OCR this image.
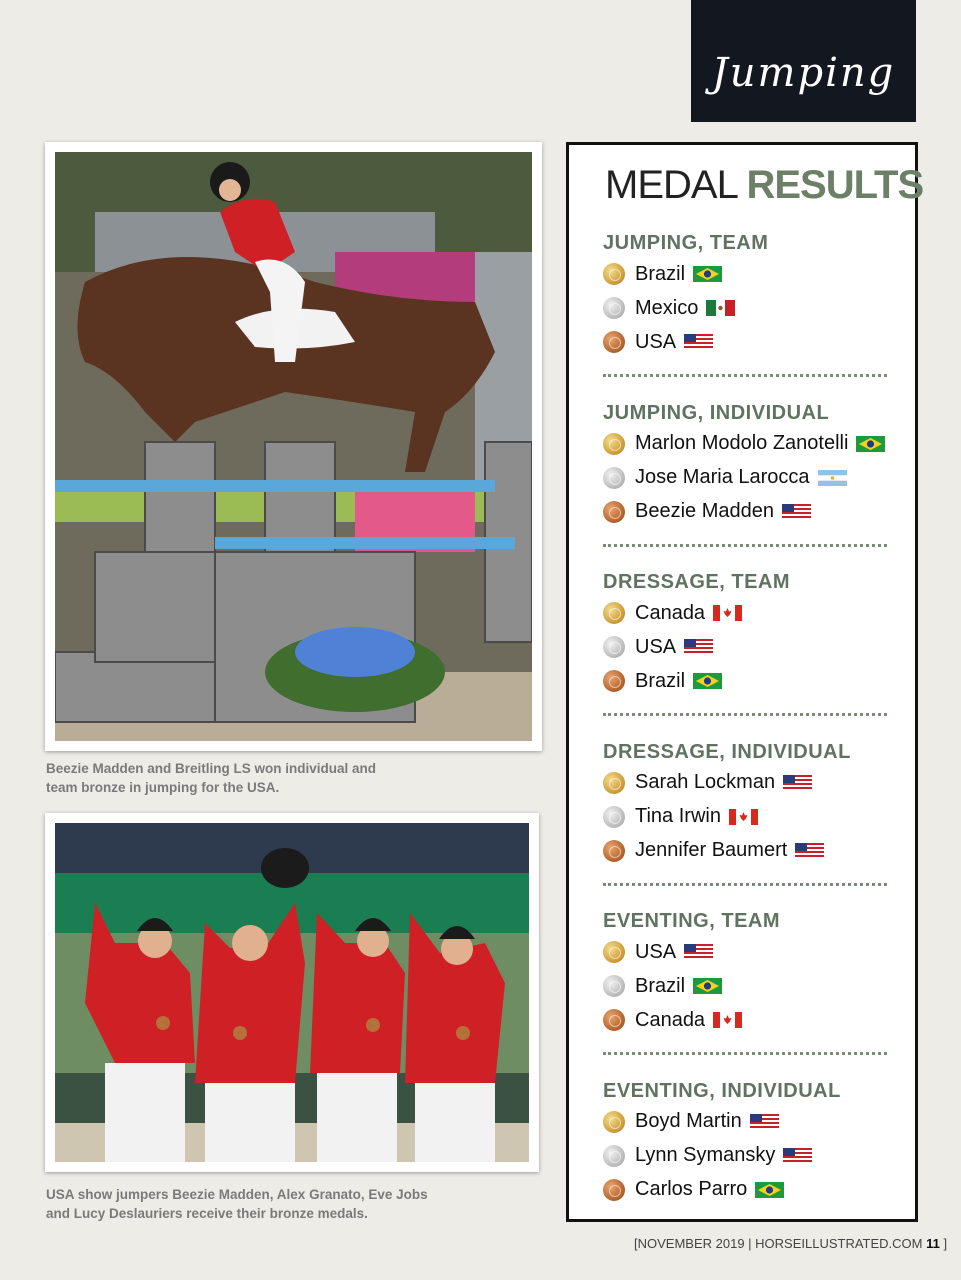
Jumping
Beezie Madden and Breitling LS won individual and team bronze in jumping for the USA.
USA show jumpers Beezie Madden, Alex Granato, Eve Jobs and Lucy Deslauriers receive their bronze medals.
MEDAL RESULTS
JUMPING, TEAM
Brazil
Mexico
USA
JUMPING, INDIVIDUAL
Marlon Modolo Zanotelli
Jose Maria Larocca
Beezie Madden
DRESSAGE, TEAM
Canada
USA
Brazil
DRESSAGE, INDIVIDUAL
Sarah Lockman
Tina Irwin
Jennifer Baumert
EVENTING, TEAM
USA
Brazil
Canada
EVENTING, INDIVIDUAL
Boyd Martin
Lynn Symansky
Carlos Parro
[NOVEMBER 2019 | HORSEILLUSTRATED.COM 11 ]
